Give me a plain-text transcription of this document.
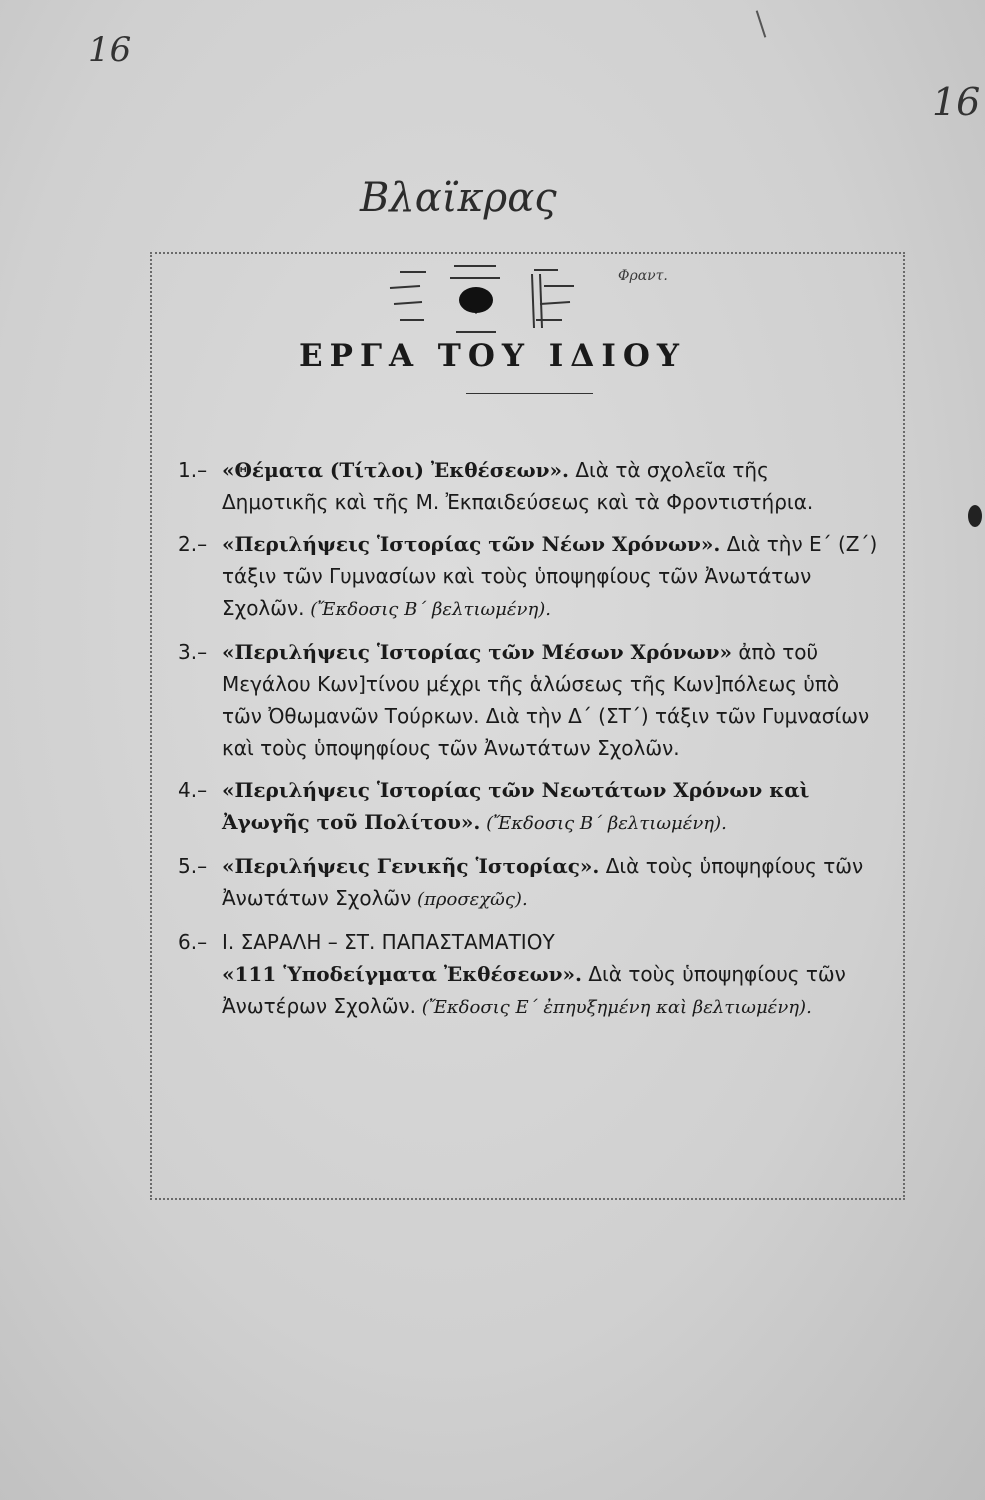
16
16
Βλαϊκρας
Φραντ.
ΕΡΓΑ ΤΟΥ ΙΔΙΟΥ
1.– «Θέματα (Τίτλοι) Ἐκθέσεων». Διὰ τὰ σχολεῖα τῆς Δημοτικῆς καὶ τῆς Μ. Ἐκπαιδεύσεως καὶ τὰ Φροντιστήρια.
2.– «Περιλήψεις Ἱστορίας τῶν Νέων Χρόνων». Διὰ τὴν Ε΄ (Ζ΄) τάξιν τῶν Γυμνασίων καὶ τοὺς ὑποψηφίους τῶν Ἀνωτάτων Σχολῶν. (Ἔκδοσις Β΄ βελτιωμένη).
3.– «Περιλήψεις Ἱστορίας τῶν Μέσων Χρόνων» ἀπὸ τοῦ Μεγάλου Κων]τίνου μέχρι τῆς ἁλώσεως τῆς Κων]πόλεως ὑπὸ τῶν Ὀθωμανῶν Τούρκων. Διὰ τὴν Δ΄ (ΣΤ΄) τάξιν τῶν Γυμνασίων καὶ τοὺς ὑποψηφίους τῶν Ἀνωτάτων Σχολῶν.
4.– «Περιλήψεις Ἱστορίας τῶν Νεωτάτων Χρόνων καὶ Ἀγωγῆς τοῦ Πολίτου». (Ἔκδοσις Β΄ βελτιωμένη).
5.– «Περιλήψεις Γενικῆς Ἱστορίας». Διὰ τοὺς ὑποψηφίους τῶν Ἀνωτάτων Σχολῶν (προσεχῶς).
6.– Ι. ΣΑΡΑΛΗ – ΣΤ. ΠΑΠΑΣΤΑΜΑΤΙΟΥ
«111 Ὑποδείγματα Ἐκθέσεων». Διὰ τοὺς ὑποψηφίους τῶν Ἀνωτέρων Σχολῶν. (Ἔκδοσις Ε΄ ἐπηυξημένη καὶ βελτιωμένη).
